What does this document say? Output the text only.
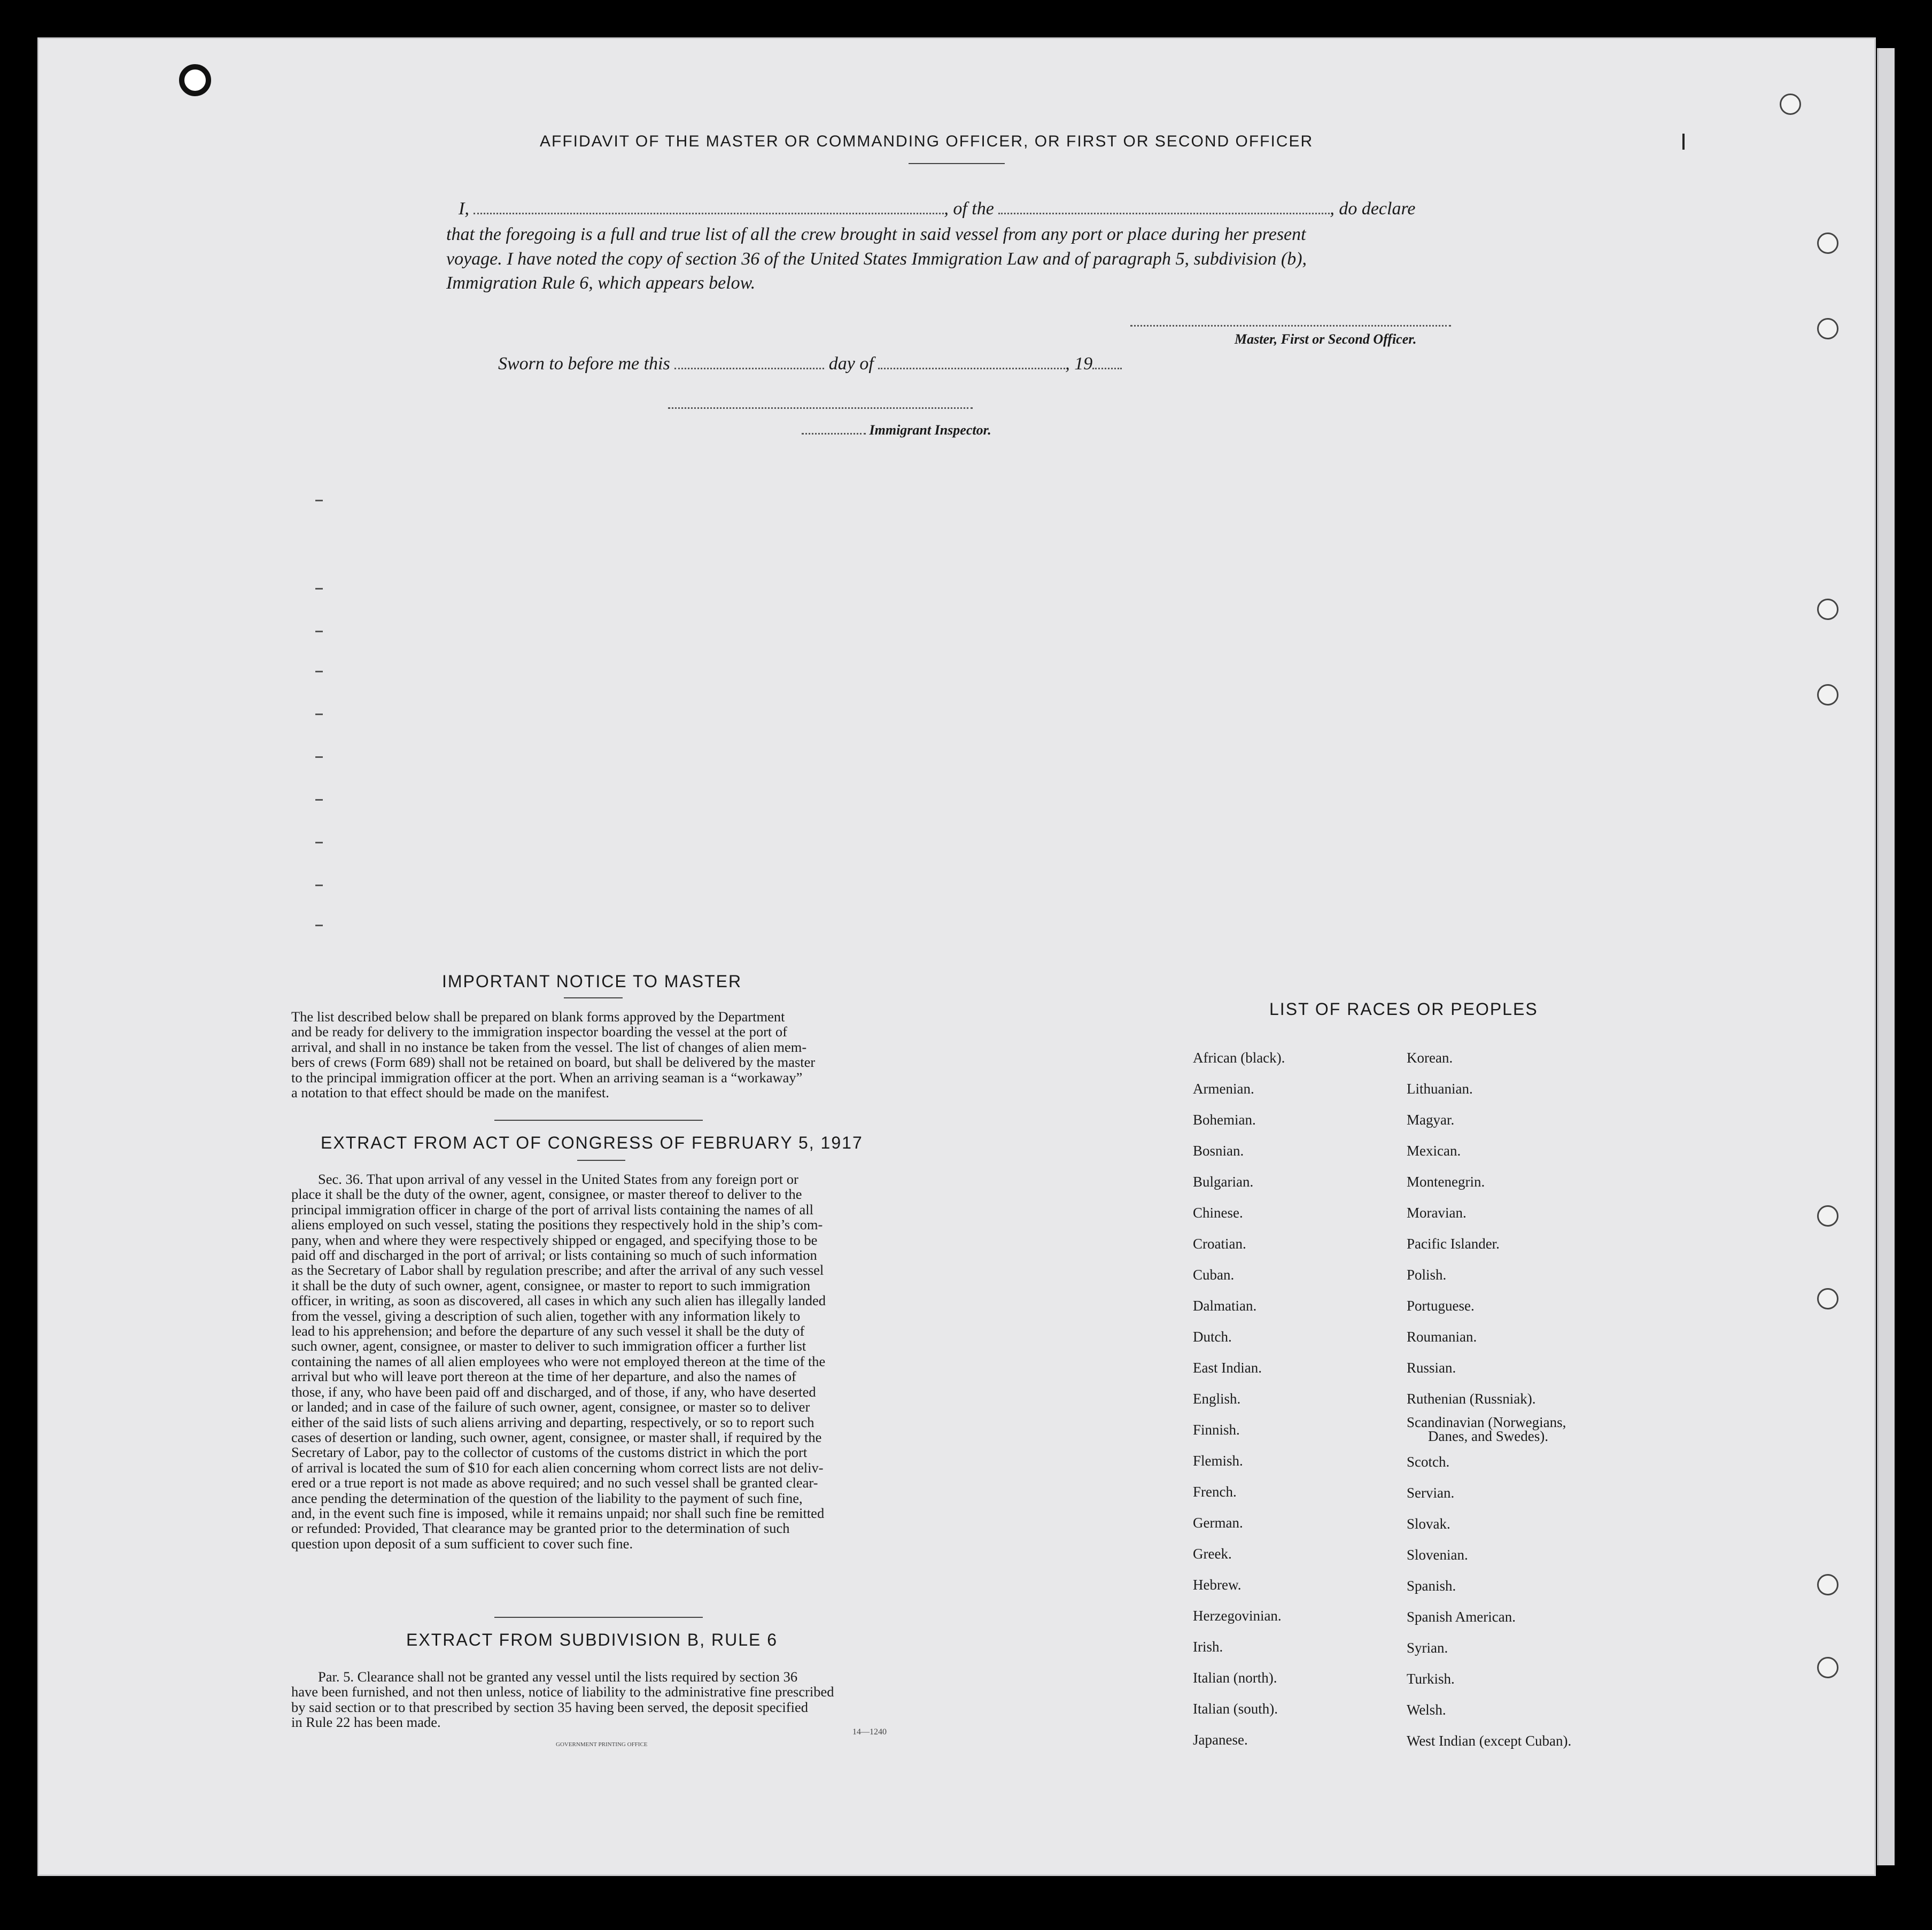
AFFIDAVIT OF THE MASTER OR COMMANDING OFFICER, OR FIRST OR SECOND OFFICER
I,	, of the	, do declare
that the foregoing is a full and true list of all the crew brought in said vessel from any port or place during her present
voyage. I have noted the copy of section 36 of the United States Immigration Law and of paragraph 5, subdivision (b),
Immigration Rule 6, which appears below.
Master, First or Second Officer.
Sworn to before me this	day of	, 19
Immigrant Inspector.
IMPORTANT NOTICE TO MASTER
The list described below shall be prepared on blank forms approved by the Department
and be ready for delivery to the immigration inspector boarding the vessel at the port of
arrival, and shall in no instance be taken from the vessel. The list of changes of alien mem-
bers of crews (Form 689) shall not be retained on board, but shall be delivered by the master
to the principal immigration officer at the port. When an arriving seaman is a “workaway”
a notation to that effect should be made on the manifest.
EXTRACT FROM ACT OF CONGRESS OF FEBRUARY 5, 1917
Sec. 36. That upon arrival of any vessel in the United States from any foreign port or
place it shall be the duty of the owner, agent, consignee, or master thereof to deliver to the
principal immigration officer in charge of the port of arrival lists containing the names of all
aliens employed on such vessel, stating the positions they respectively hold in the ship’s com-
pany, when and where they were respectively shipped or engaged, and specifying those to be
paid off and discharged in the port of arrival; or lists containing so much of such information
as the Secretary of Labor shall by regulation prescribe; and after the arrival of any such vessel
it shall be the duty of such owner, agent, consignee, or master to report to such immigration
officer, in writing, as soon as discovered, all cases in which any such alien has illegally landed
from the vessel, giving a description of such alien, together with any information likely to
lead to his apprehension; and before the departure of any such vessel it shall be the duty of
such owner, agent, consignee, or master to deliver to such immigration officer a further list
containing the names of all alien employees who were not employed thereon at the time of the
arrival but who will leave port thereon at the time of her departure, and also the names of
those, if any, who have been paid off and discharged, and of those, if any, who have deserted
or landed; and in case of the failure of such owner, agent, consignee, or master so to deliver
either of the said lists of such aliens arriving and departing, respectively, or so to report such
cases of desertion or landing, such owner, agent, consignee, or master shall, if required by the
Secretary of Labor, pay to the collector of customs of the customs district in which the port
of arrival is located the sum of $10 for each alien concerning whom correct lists are not deliv-
ered or a true report is not made as above required; and no such vessel shall be granted clear-
ance pending the determination of the question of the liability to the payment of such fine,
and, in the event such fine is imposed, while it remains unpaid; nor shall such fine be remitted
or refunded: Provided, That clearance may be granted prior to the determination of such
question upon deposit of a sum sufficient to cover such fine.
EXTRACT FROM SUBDIVISION B, RULE 6
Par. 5. Clearance shall not be granted any vessel until the lists required by section 36
have been furnished, and not then unless, notice of liability to the administrative fine prescribed
by said section or to that prescribed by section 35 having been served, the deposit specified
in Rule 22 has been made.
GOVERNMENT PRINTING OFFICE
14—1240
LIST OF RACES OR PEOPLES
African (black).
Armenian.
Bohemian.
Bosnian.
Bulgarian.
Chinese.
Croatian.
Cuban.
Dalmatian.
Dutch.
East Indian.
English.
Finnish.
Flemish.
French.
German.
Greek.
Hebrew.
Herzegovinian.
Irish.
Italian (north).
Italian (south).
Japanese.
Korean.
Lithuanian.
Magyar.
Mexican.
Montenegrin.
Moravian.
Pacific Islander.
Polish.
Portuguese.
Roumanian.
Russian.
Ruthenian (Russniak).
Scandinavian (Norwegians,
Danes, and Swedes).
Scotch.
Servian.
Slovak.
Slovenian.
Spanish.
Spanish American.
Syrian.
Turkish.
Welsh.
West Indian (except Cuban).
